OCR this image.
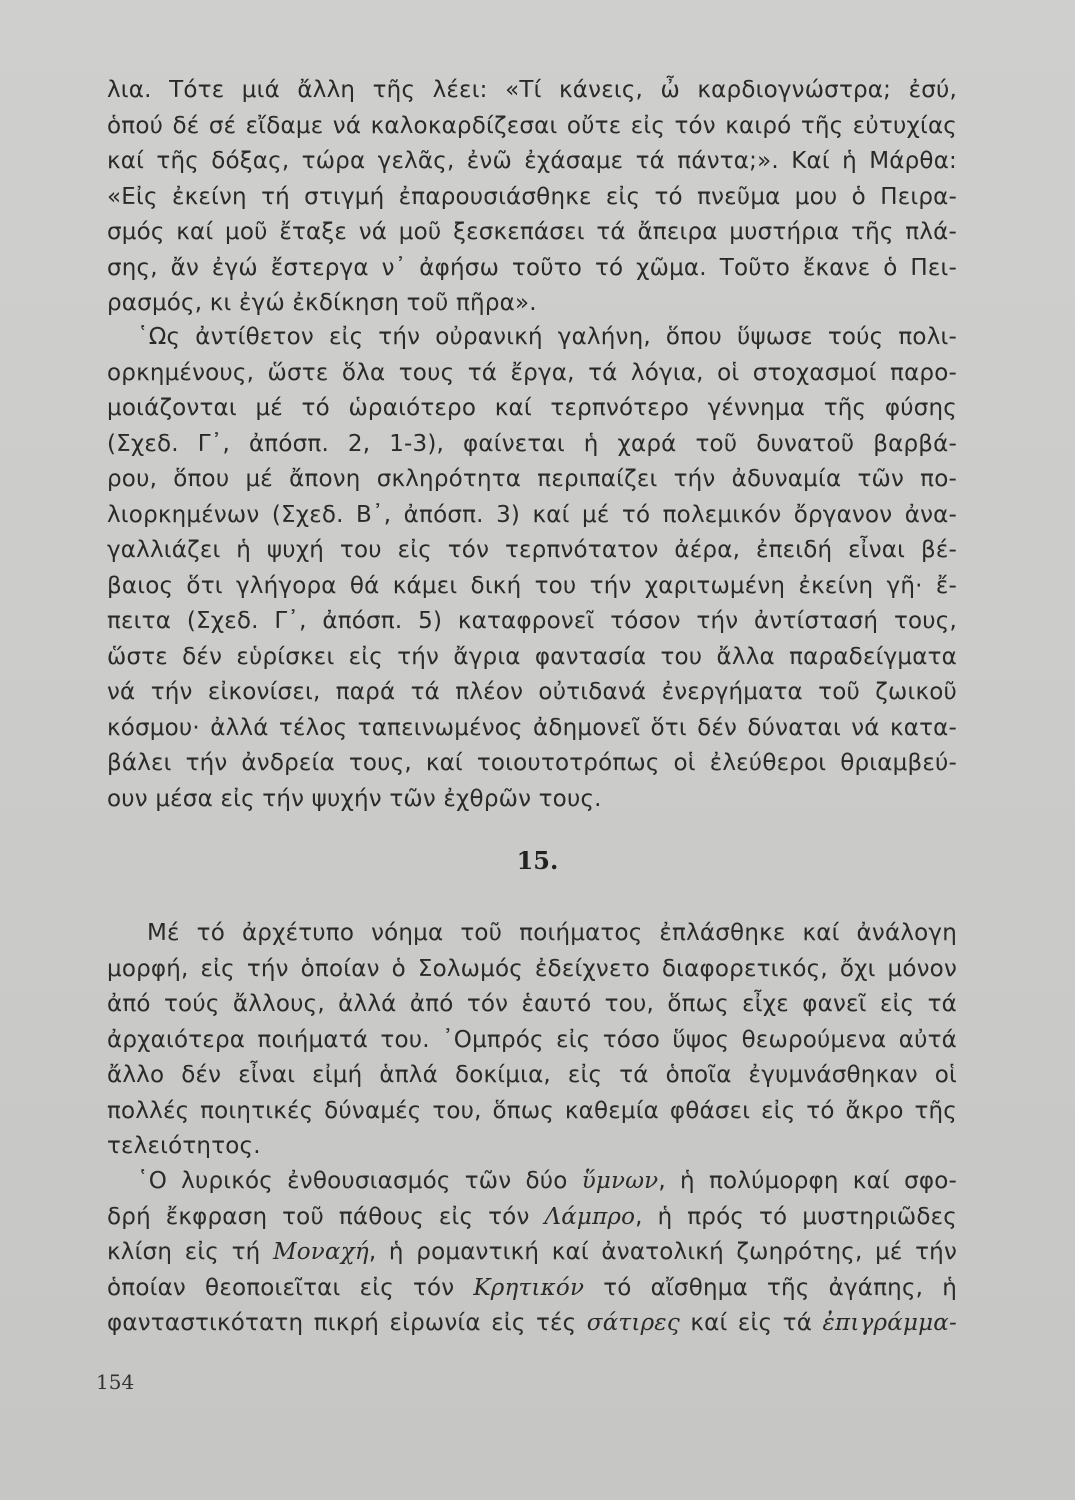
λια. Τότε μιά ἄλλη τῆς λέει: «Τί κάνεις, ὦ καρδιογνώστρα; ἐσύ,
ὁπού δέ σέ εἴδαμε νά καλοκαρδίζεσαι οὔτε εἰς τόν καιρό τῆς εὐτυχίας
καί τῆς δόξας, τώρα γελᾶς, ἐνῶ ἐχάσαμε τά πάντα;». Καί ἡ Μάρθα:
«Εἰς ἐκείνη τή στιγμή ἐπαρουσιάσθηκε εἰς τό πνεῦμα μου ὁ Πειρα-
σμός καί μοῦ ἔταξε νά μοῦ ξεσκεπάσει τά ἄπειρα μυστήρια τῆς πλά-
σης, ἄν ἐγώ ἔστεργα ν᾽ ἀφήσω τοῦτο τό χῶμα. Τοῦτο ἔκανε ὁ Πει-
ρασμός, κι ἐγώ ἐκδίκηση τοῦ πῆρα».
῾Ως ἀντίθετον εἰς τήν οὐρανική γαλήνη, ὅπου ὕψωσε τούς πολι-
ορκημένους, ὥστε ὅλα τους τά ἔργα, τά λόγια, οἱ στοχασμοί παρο-
μοιάζονται μέ τό ὡραιότερο καί τερπνότερο γέννημα τῆς φύσης
(Σχεδ. Γ᾽, ἀπόσπ. 2, 1-3), φαίνεται ἡ χαρά τοῦ δυνατοῦ βαρβά-
ρου, ὅπου μέ ἄπονη σκληρότητα περιπαίζει τήν ἀδυναμία τῶν πο-
λιορκημένων (Σχεδ. Β᾽, ἀπόσπ. 3) καί μέ τό πολεμικόν ὄργανον ἀνα-
γαλλιάζει ἡ ψυχή του εἰς τόν τερπνότατον ἀέρα, ἐπειδή εἶναι βέ-
βαιος ὅτι γλήγορα θά κάμει δική του τήν χαριτωμένη ἐκείνη γῆ· ἔ-
πειτα (Σχεδ. Γ᾽, ἀπόσπ. 5) καταφρονεῖ τόσον τήν ἀντίστασή τους,
ὥστε δέν εὑρίσκει εἰς τήν ἄγρια φαντασία του ἄλλα παραδείγματα
νά τήν εἰκονίσει, παρά τά πλέον οὐτιδανά ἐνεργήματα τοῦ ζωικοῦ
κόσμου· ἀλλά τέλος ταπεινωμένος ἀδημονεῖ ὅτι δέν δύναται νά κατα-
βάλει τήν ἀνδρεία τους, καί τοιουτοτρόπως οἱ ἐλεύθεροι θριαμβεύ-
ουν μέσα εἰς τήν ψυχήν τῶν ἐχθρῶν τους.
15.
Μέ τό ἀρχέτυπο νόημα τοῦ ποιήματος ἐπλάσθηκε καί ἀνάλογη
μορφή, εἰς τήν ὁποίαν ὁ Σολωμός ἐδείχνετο διαφορετικός, ὄχι μόνον
ἀπό τούς ἄλλους, ἀλλά ἀπό τόν ἑαυτό του, ὅπως εἶχε φανεῖ εἰς τά
ἀρχαιότερα ποιήματά του. ᾽Ομπρός εἰς τόσο ὕψος θεωρούμενα αὐτά
ἄλλο δέν εἶναι εἰμή ἁπλά δοκίμια, εἰς τά ὁποῖα ἐγυμνάσθηκαν οἱ
πολλές ποιητικές δύναμές του, ὅπως καθεμία φθάσει εἰς τό ἄκρο τῆς
τελειότητος.
῾Ο λυρικός ἐνθουσιασμός τῶν δύο ὕμνων, ἡ πολύμορφη καί σφο-
δρή ἔκφραση τοῦ πάθους εἰς τόν Λάμπρο, ἡ πρός τό μυστηριῶδες
κλίση εἰς τή Μοναχή, ἡ ρομαντική καί ἀνατολική ζωηρότης, μέ τήν
ὁποίαν θεοποιεῖται εἰς τόν Κρητικόν τό αἴσθημα τῆς ἀγάπης, ἡ
φανταστικότατη πικρή εἰρωνία εἰς τές σάτιρες καί εἰς τά ἐπιγράμμα-
154
